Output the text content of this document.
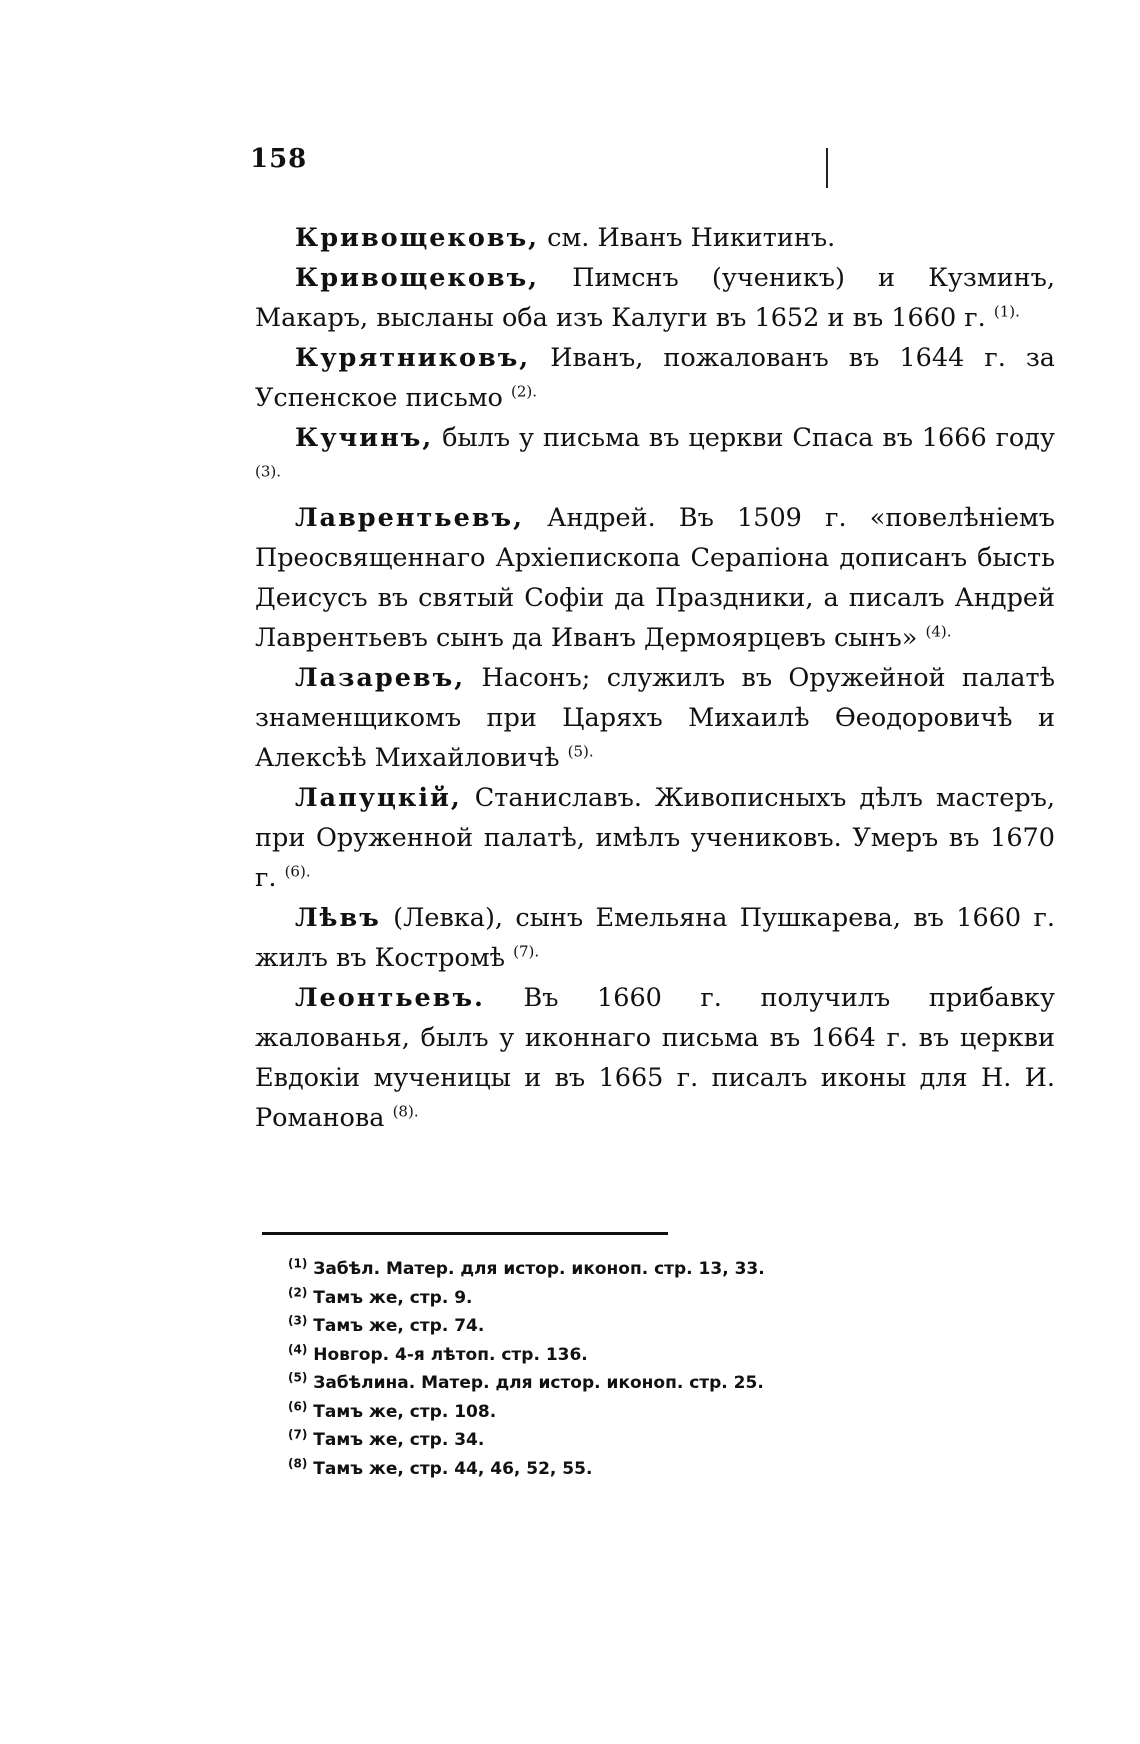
158

Кривощековъ, см. Иванъ Никитинъ.

Кривощековъ, Пимснъ (ученикъ) и Кузминъ, Макаръ, высланы оба изъ Калуги въ 1652 и въ 1660 г. $^{(1).}$

Курятниковъ, Иванъ, пожалованъ въ 1644 г. за Успенское письмо $^{(2).}$

Кучинъ, былъ у письма въ церкви Спаса въ 1666 году $^{(3).}$

Лаврентьевъ, Андрей. Въ 1509 г. «повелѣніемъ Преосвященнаго Архіепископа Серапіона дописанъ бысть Деисусъ въ святый Софіи да Праздники, а писалъ Андрей Лаврентьевъ сынъ да Иванъ Дермоярцевъ сынъ» $^{(4).}$

Лазаревъ, Насонъ; служилъ въ Оружейной палатѣ знаменщикомъ при Царяхъ Михаилѣ Ѳеодоровичѣ и Алексѣѣ Михайловичѣ $^{(5).}$

Лапуцкій, Станиславъ. Живописныхъ дѣлъ мастеръ, при Оруженной палатѣ, имѣлъ учениковъ. Умеръ въ 1670 г. $^{(6).}$

Лѣвъ (Левка), сынъ Емельяна Пушкарева, въ 1660 г. жилъ въ Костромѣ $^{(7).}$

Леонтьевъ. Въ 1660 г. получилъ прибавку жалованья, былъ у иконнаго письма въ 1664 г. въ церкви Евдокіи мученицы и въ 1665 г. писалъ иконы для Н. И. Романова $^{(8).}$

$^{(1)}$ Забѣл. Матер. для истор. иконоп. стр. 13, 33.

$^{(2)}$ Тамъ же, стр. 9.

$^{(3)}$ Тамъ же, стр. 74.

$^{(4)}$ Новгор. 4-я лѣтоп. стр. 136.

$^{(5)}$ Забѣлина. Матер. для истор. иконоп. стр. 25.

$^{(6)}$ Тамъ же, стр. 108.

$^{(7)}$ Тамъ же, стр. 34.

$^{(8)}$ Тамъ же, стр. 44, 46, 52, 55.
